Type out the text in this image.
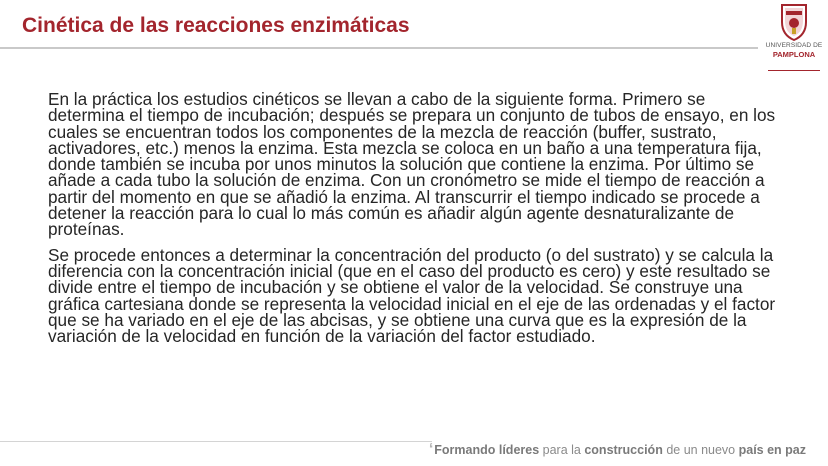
Cinética de las reacciones enzimáticas
UNIVERSIDAD DE
PAMPLONA

En la práctica los estudios cinéticos se llevan a cabo de la siguiente forma. Primero se determina el tiempo de incubación; después se prepara un conjunto de tubos de ensayo, en los cuales se encuentran todos los componentes de la mezcla de reacción (buffer, sustrato, activadores, etc.) menos la enzima. Esta mezcla se coloca en un baño a una temperatura fija, donde también se incuba por unos minutos la solución que contiene la enzima. Por último se añade a cada tubo la solución de enzima. Con un cronómetro se mide el tiempo de reacción a partir del momento en que se añadió la enzima. Al transcurrir el tiempo indicado se procede a detener la reacción para lo cual lo más común es añadir algún agente desnaturalizante de proteínas.

Se procede entonces a determinar la concentración del producto (o del sustrato) y se calcula la diferencia con la concentración inicial (que en el caso del producto es cero) y este resultado se divide entre el tiempo de incubación y se obtiene el valor de la velocidad. Se construye una gráfica cartesiana donde se representa la velocidad inicial en el eje de las ordenadas y el factor que se ha variado en el eje de las abcisas, y se obtiene una curva que es la expresión de la variación de la velocidad en función de la variación del factor estudiado.

‘Formando líderes para la construcción de un nuevo país en paz
